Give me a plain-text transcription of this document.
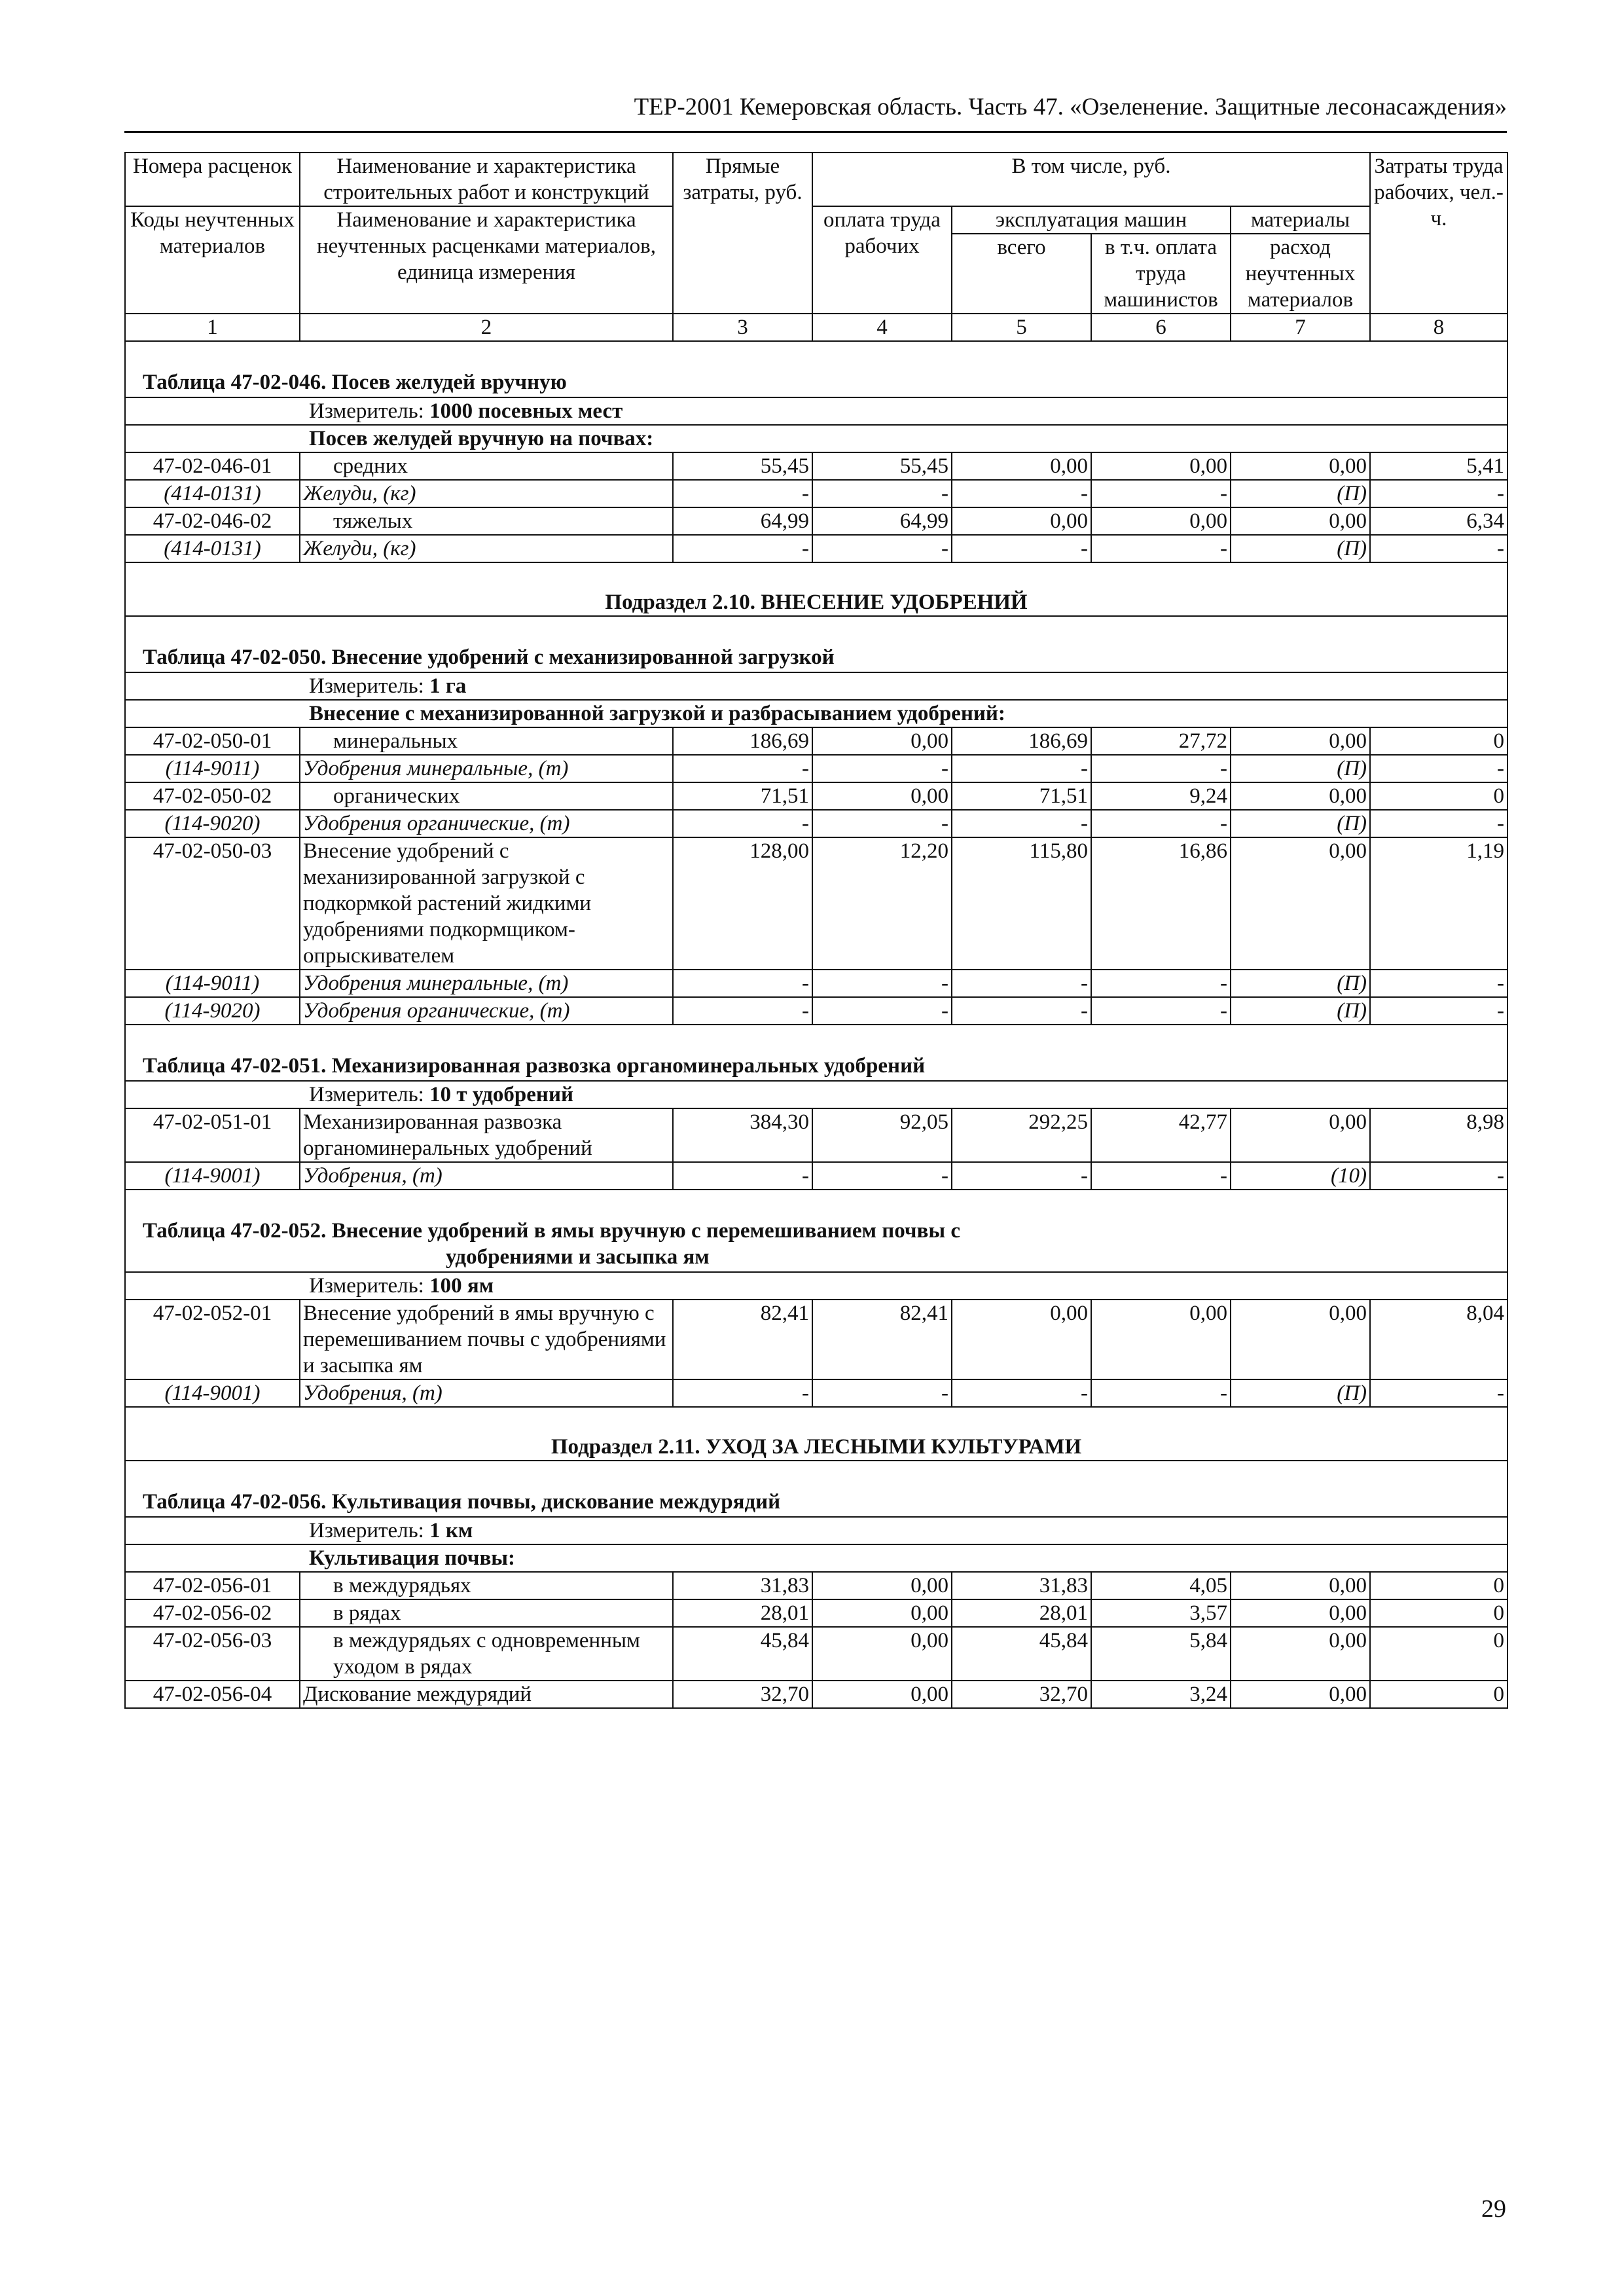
ТЕР-2001 Кемеровская область. Часть 47. «Озеленение. Защитные лесонасаждения»
Номера расценок	Наименование и характеристика строительных работ и конструкций	Прямые затраты, руб.	В том числе, руб.				Затраты труда рабочих, чел.-ч.
Коды неучтенных материалов	Наименование и характеристика неучтенных расценками материалов, единица измерения		оплата труда рабочих	эксплуатация машин		материалы	
				всего	в т.ч. оплата труда машинистов	расход неучтенных материалов	
1	2	3	4	5	6	7	8
Таблица 47-02-046. Посев желудей вручную							
Измеритель: 1000 посевных мест							
Посев желудей вручную на почвах:							
47-02-046-01	средних	55,45	55,45	0,00	0,00	0,00	5,41
(414-0131)	Желуди, (кг)	-	-	-	-	(П)	-
47-02-046-02	тяжелых	64,99	64,99	0,00	0,00	0,00	6,34
(414-0131)	Желуди, (кг)	-	-	-	-	(П)	-
Подраздел 2.10. ВНЕСЕНИЕ УДОБРЕНИЙ							
Таблица 47-02-050. Внесение удобрений с механизированной загрузкой							
Измеритель: 1 га							
Внесение с механизированной загрузкой и разбрасыванием удобрений:							
47-02-050-01	минеральных	186,69	0,00	186,69	27,72	0,00	0
(114-9011)	Удобрения минеральные, (т)	-	-	-	-	(П)	-
47-02-050-02	органических	71,51	0,00	71,51	9,24	0,00	0
(114-9020)	Удобрения органические, (т)	-	-	-	-	(П)	-
47-02-050-03	Внесение удобрений с механизированной загрузкой с подкормкой растений жидкими удобрениями подкормщиком-опрыскивателем	128,00	12,20	115,80	16,86	0,00	1,19
(114-9011)	Удобрения минеральные, (т)	-	-	-	-	(П)	-
(114-9020)	Удобрения органические, (т)	-	-	-	-	(П)	-
Таблица 47-02-051. Механизированная развозка органоминеральных удобрений							
Измеритель: 10 т удобрений							
47-02-051-01	Механизированная развозка органоминеральных удобрений	384,30	92,05	292,25	42,77	0,00	8,98
(114-9001)	Удобрения, (т)	-	-	-	-	(10)	-
Таблица 47-02-052. Внесение удобрений в ямы вручную с перемешиванием почвы с
удобрениями и засыпка ям							

Измеритель: 100 ям							
47-02-052-01	Внесение удобрений в ямы вручную с перемешиванием почвы с удобрениями и засыпка ям	82,41	82,41	0,00	0,00	0,00	8,04
(114-9001)	Удобрения, (т)	-	-	-	-	(П)	-
Подраздел 2.11. УХОД ЗА ЛЕСНЫМИ КУЛЬТУРАМИ							
Таблица 47-02-056. Культивация почвы, дискование междурядий							
Измеритель: 1 км							
Культивация почвы:							
47-02-056-01	в междурядьях	31,83	0,00	31,83	4,05	0,00	0
47-02-056-02	в рядах	28,01	0,00	28,01	3,57	0,00	0
47-02-056-03	в междурядьях с одновременным уходом в рядах	45,84	0,00	45,84	5,84	0,00	0
47-02-056-04	Дискование междурядий	32,70	0,00	32,70	3,24	0,00	0
29
